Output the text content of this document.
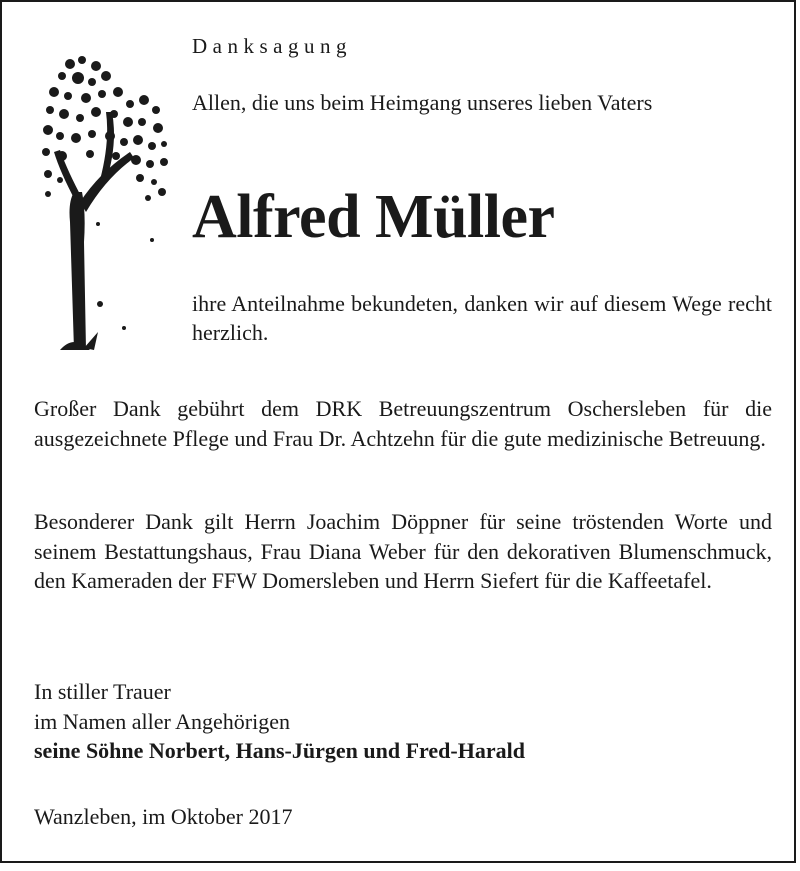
Danksagung
Allen, die uns beim Heimgang unseres lieben Vaters
Alfred Müller
ihre Anteilnahme bekundeten, danken wir auf diesem Wege recht herzlich.
Großer Dank gebührt dem DRK Betreuungszentrum Oschersleben für die ausgezeichnete Pflege und Frau Dr. Achtzehn für die gute medizinische Betreuung.
Besonderer Dank gilt Herrn Joachim Döppner für seine tröstenden Worte und seinem Bestattungshaus, Frau Diana Weber für den dekorativen Blumenschmuck, den Kameraden der FFW Domersleben und Herrn Siefert für die Kaffeetafel.
In stiller Trauer
im Namen aller Angehörigen
seine Söhne Norbert, Hans-Jürgen und Fred-Harald
Wanzleben, im Oktober 2017
